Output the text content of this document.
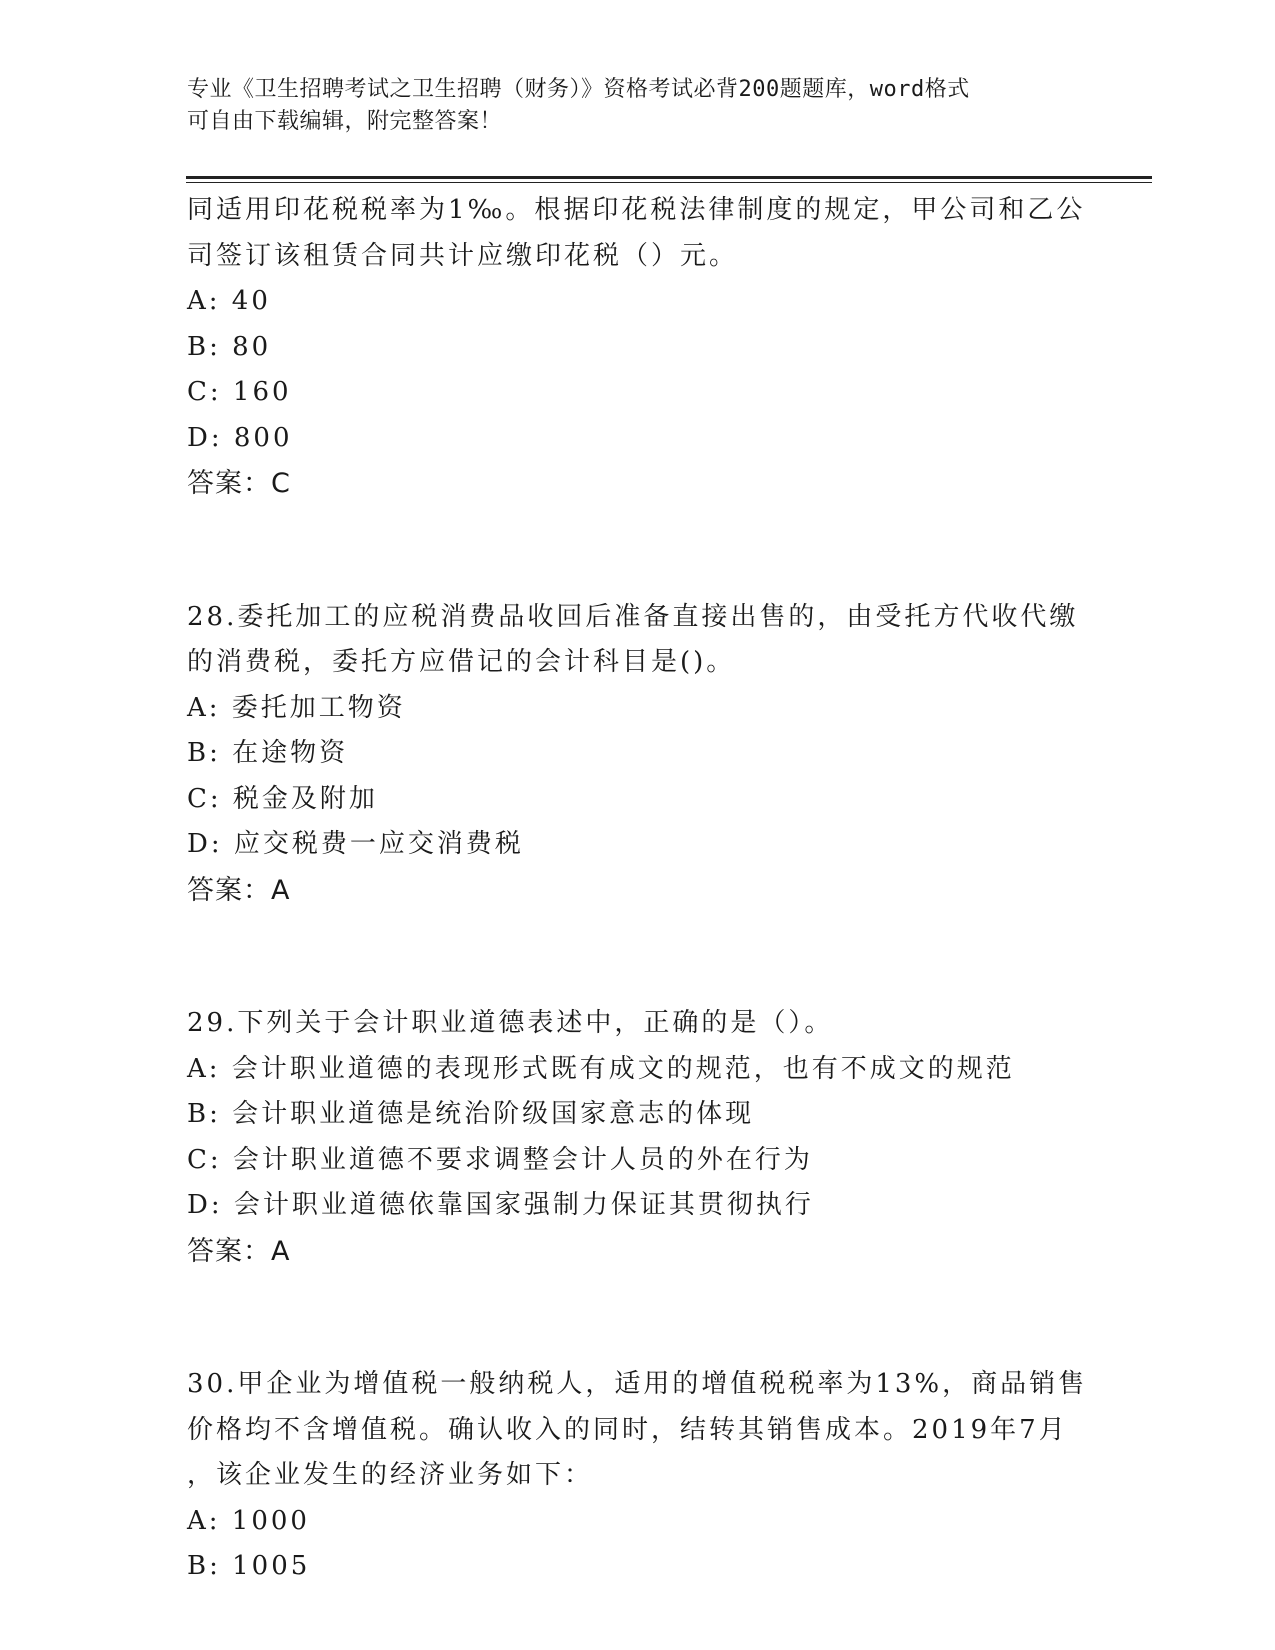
专业《卫生招聘考试之卫生招聘（财务）》资格考试必背200题题库，word格式
可自由下载编辑，附完整答案！
同适用印花税税率为1‰。根据印花税法律制度的规定，甲公司和乙公
司签订该租赁合同共计应缴印花税（）元。
A: 40
B: 80
C: 160
D: 800
答案：C
28.委托加工的应税消费品收回后准备直接出售的，由受托方代收代缴
的消费税，委托方应借记的会计科目是()。
A: 委托加工物资
B: 在途物资
C: 税金及附加
D: 应交税费一应交消费税
答案：A
29.下列关于会计职业道德表述中，正确的是（）。
A: 会计职业道德的表现形式既有成文的规范，也有不成文的规范
B: 会计职业道德是统治阶级国家意志的体现
C: 会计职业道德不要求调整会计人员的外在行为
D: 会计职业道德依靠国家强制力保证其贯彻执行
答案：A
30.甲企业为增值税一般纳税人，适用的增值税税率为13%，商品销售
价格均不含增值税。确认收入的同时，结转其销售成本。2019年7月
，该企业发生的经济业务如下：
A: 1000
B: 1005
